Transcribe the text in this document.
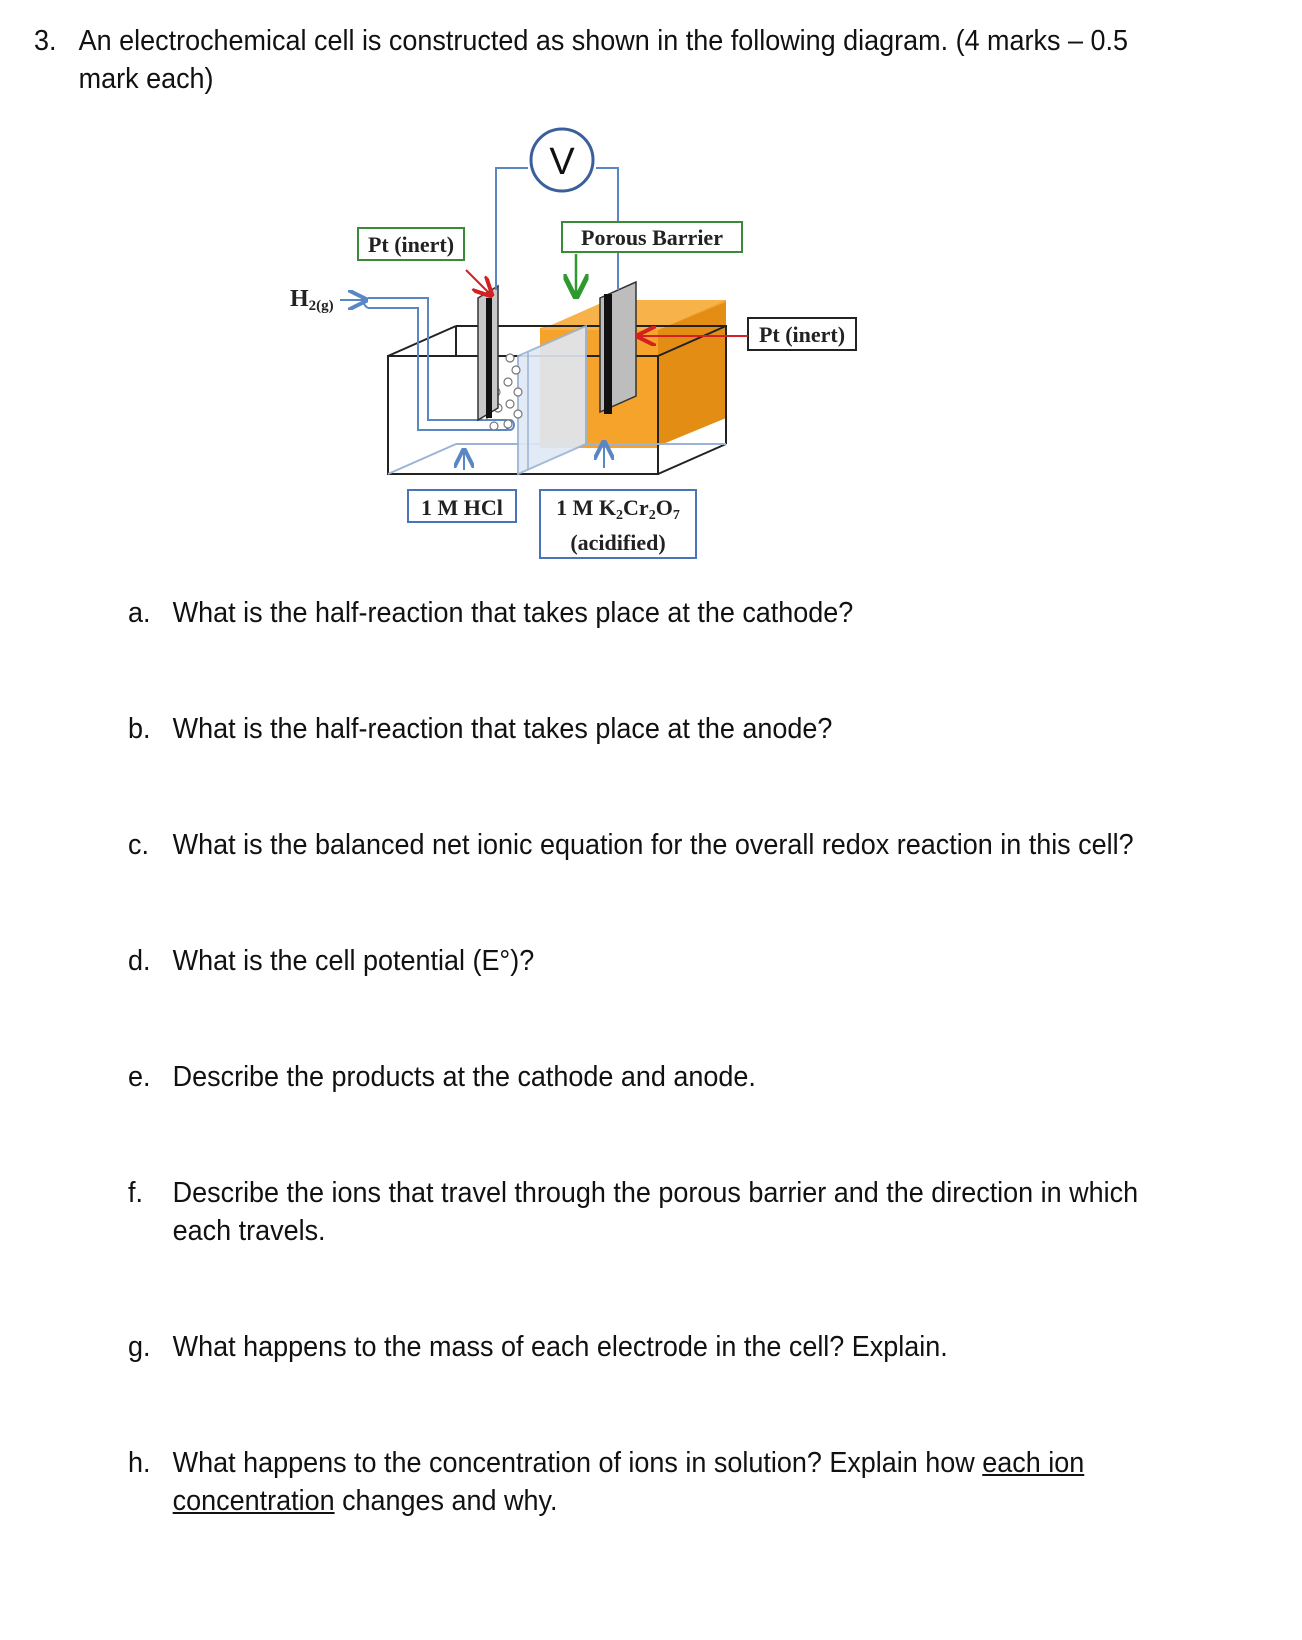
3. An electrochemical cell is constructed as shown in the following diagram. (4 marks – 0.5 mark each)
V
Pt (inert)	Porous Barrier
Pt (inert)
H2(g)
1 M HCl 1 M K2Cr2O7
(acidified)
a. What is the half-reaction that takes place at the cathode?
b. What is the half-reaction that takes place at the anode?
c. What is the balanced net ionic equation for the overall redox reaction in this cell?
d. What is the cell potential (E°)?
e. Describe the products at the cathode and anode.
f. Describe the ions that travel through the porous barrier and the direction in which each travels.
g. What happens to the mass of each electrode in the cell? Explain.
h. What happens to the concentration of ions in solution? Explain how each ion concentration changes and why.
